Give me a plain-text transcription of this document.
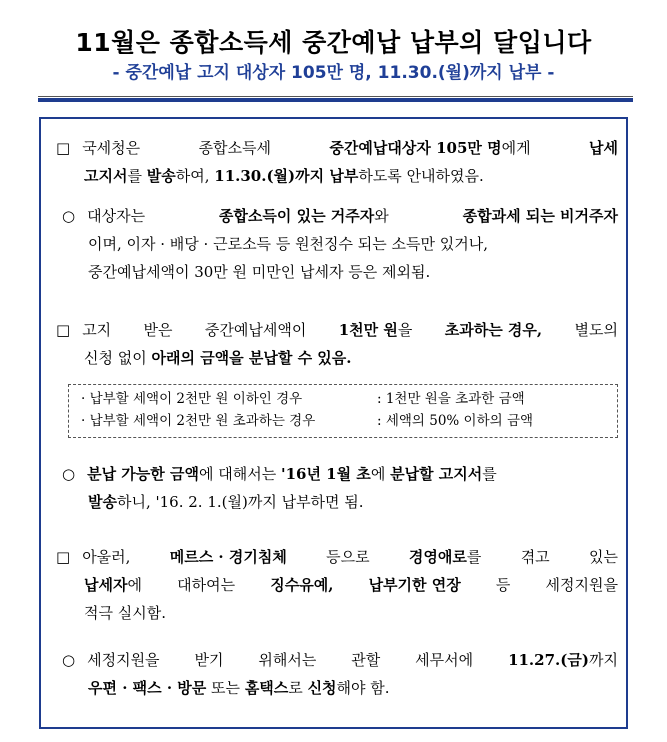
11월은 종합소득세 중간예납 납부의 달입니다
- 중간예납 고지 대상자 105만 명, 11.30.(월)까지 납부 -
□ 국세청은	종합소득세	중간예납대상자 105만 명에게	납세
고지서 를 발송 하여, 11.30.(월)까지 납부 하도록 안내하였음.
○ 대상자는	종합소득이 있는 거주자와	종합과세 되는 비거주자
이며, 이자 · 배당 · 근로소득 등 원천징수 되는 소득만 있거나,
중간예납세액이 30만 원 미만인 납세자 등은 제외됨.
□ 고지 받은 중간예납세액이 1천만 원을 초과하는 경우, 별도의
신청 없이 아래의 금액을 분납할 수 있음.
· 납부할 세액이 2천만 원 이하인 경우	: 1천만 원을 초과한 금액
· 납부할 세액이 2천만 원 초과하는 경우	: 세액의 50% 이하의 금액
○ 분납 가능한 금액에 대해서는 '16년 1월 초에 분납할 고지서를
발송 하니, '16. 2. 1.(월)까지 납부하면 됨.
□ 아울러,	메르스 · 경기침체	등으로	경영애로를	겪고	있는
납세자에 대하여는 징수유예, 납부기한 연장 등 세정지원을
적극 실시함.
○ 세정지원을 받기 위해서는 관할 세무서에 11.27.(금)까지
우편 · 팩스 · 방문 또는 홈택스 로 신청 해야 함.
